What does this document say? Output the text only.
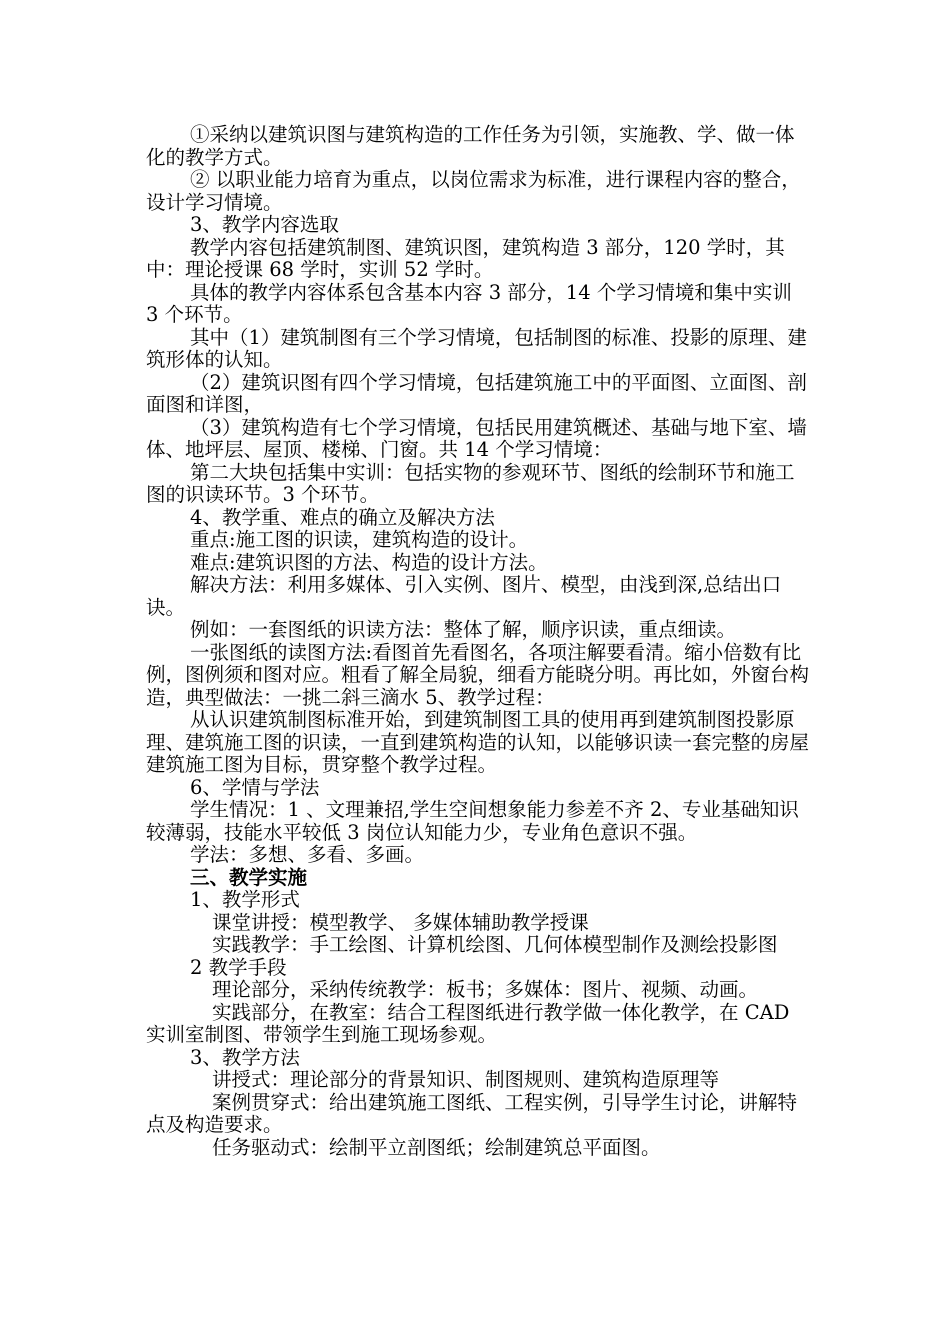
①采纳以建筑识图与建筑构造的工作任务为引领，实施教、学、做一体化的教学方式。

② 以职业能力培育为重点，以岗位需求为标准，进行课程内容的整合，设计学习情境。

3、教学内容选取

教学内容包括建筑制图、建筑识图，建筑构造 3 部分，120 学时，其中：理论授课 68 学时，实训 52 学时。

具体的教学内容体系包含基本内容 3 部分，14 个学习情境和集中实训 3 个环节。

其中（1）建筑制图有三个学习情境，包括制图的标准、投影的原理、建筑形体的认知。

（2）建筑识图有四个学习情境，包括建筑施工中的平面图、立面图、剖面图和详图，

（3）建筑构造有七个学习情境，包括民用建筑概述、基础与地下室、墙体、地坪层、屋顶、楼梯、门窗。共 14 个学习情境：

第二大块包括集中实训：包括实物的参观环节、图纸的绘制环节和施工图的识读环节。3 个环节。

4、教学重、难点的确立及解决方法

重点:施工图的识读，建筑构造的设计。

难点:建筑识图的方法、构造的设计方法。

解决方法：利用多媒体、引入实例、图片、模型，由浅到深,总结出口诀。

例如：一套图纸的识读方法：整体了解，顺序识读，重点细读。

一张图纸的读图方法:看图首先看图名，各项注解要看清。缩小倍数有比例，图例须和图对应。粗看了解全局貌，细看方能晓分明。再比如，外窗台构造，典型做法：一挑二斜三滴水 5、教学过程：

从认识建筑制图标准开始，到建筑制图工具的使用再到建筑制图投影原理、建筑施工图的识读，一直到建筑构造的认知，以能够识读一套完整的房屋建筑施工图为目标，贯穿整个教学过程。

6、学情与学法

学生情况：1 、文理兼招,学生空间想象能力参差不齐 2、专业基础知识较薄弱，技能水平较低 3 岗位认知能力少，专业角色意识不强。

学法：多想、多看、多画。

三、教学实施

1、教学形式

课堂讲授：模型教学、 多媒体辅助教学授课

实践教学：手工绘图、计算机绘图、几何体模型制作及测绘投影图

2 教学手段

理论部分，采纳传统教学：板书；多媒体：图片、视频、动画。

实践部分，在教室：结合工程图纸进行教学做一体化教学，在 CAD 实训室制图、带领学生到施工现场参观。

3、教学方法

讲授式：理论部分的背景知识、制图规则、建筑构造原理等

案例贯穿式：给出建筑施工图纸、工程实例，引导学生讨论，讲解特点及构造要求。

任务驱动式：绘制平立剖图纸；绘制建筑总平面图。
